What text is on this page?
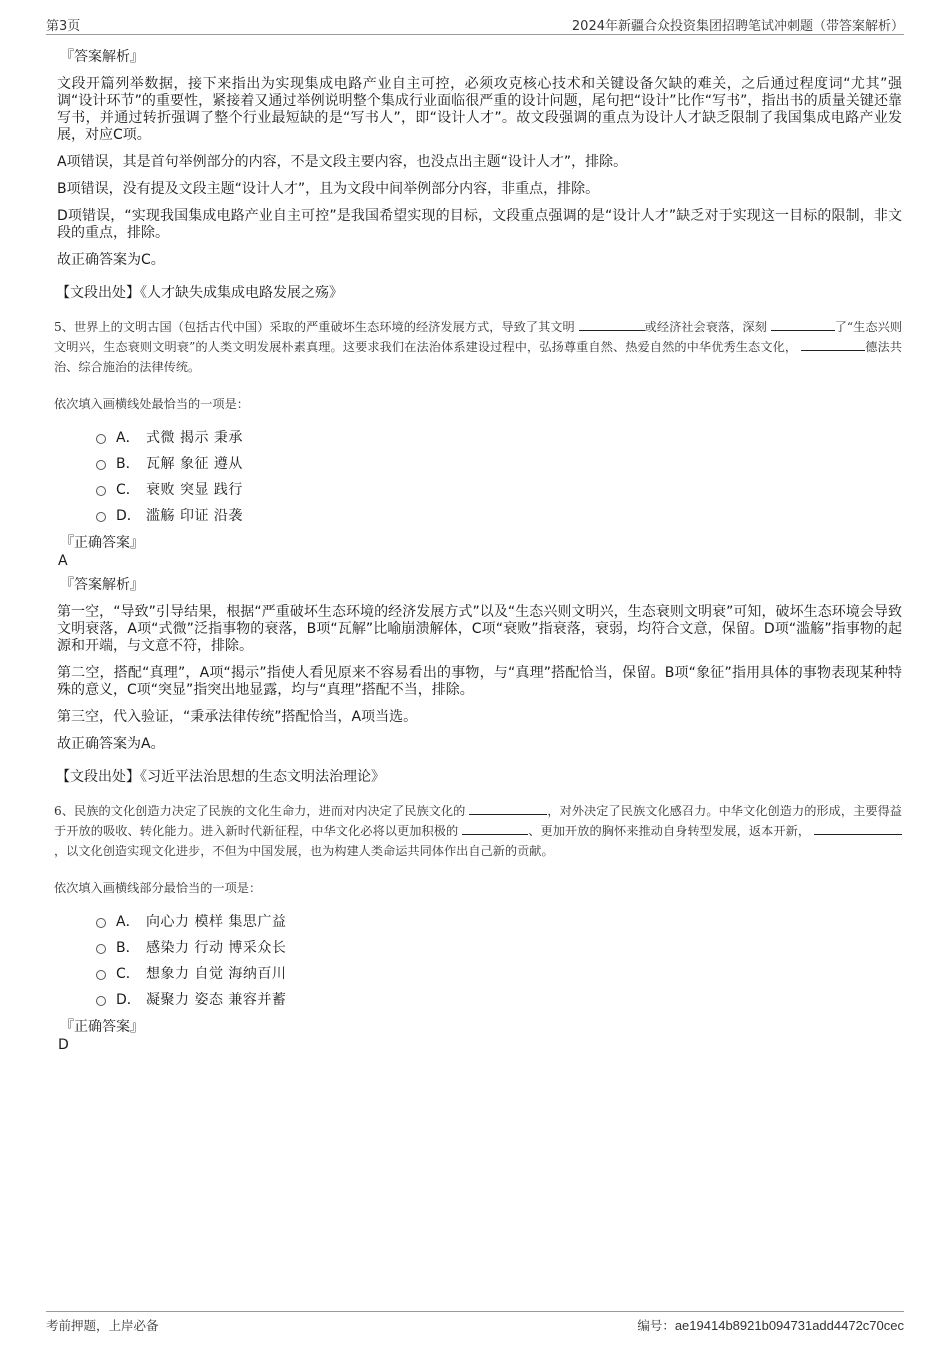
第3页	2024年新疆合众投资集团招聘笔试冲刺题（带答案解析）
『答案解析』

文段开篇列举数据，接下来指出为实现集成电路产业自主可控，必须攻克核心技术和关键设备欠缺的难关，之后通过程度词“尤其”强调“设计环节”的重要性，紧接着又通过举例说明整个集成行业面临很严重的设计问题，尾句把“设计”比作“写书”，指出书的质量关键还靠写书，并通过转折强调了整个行业最短缺的是“写书人”，即“设计人才”。故文段强调的重点为设计人才缺乏限制了我国集成电路产业发展，对应C项。

A项错误，其是首句举例部分的内容，不是文段主要内容，也没点出主题“设计人才”，排除。

B项错误，没有提及文段主题“设计人才”，且为文段中间举例部分内容，非重点，排除。

D项错误，“实现我国集成电路产业自主可控”是我国希望实现的目标，文段重点强调的是“设计人才”缺乏对于实现这一目标的限制，非文段的重点，排除。

故正确答案为C。

【文段出处】《人才缺失成集成电路发展之殇》
5、世界上的文明古国（包括古代中国）采取的严重破坏生态环境的经济发展方式，导致了其文明	或经济社会衰落，深刻	了“生态兴则文明兴，生态衰则文明衰”的人类文明发展朴素真理。这要求我们在法治体系建设过程中，弘扬尊重自然、热爱自然的中华优秀生态文化，	德法共治、综合施治的法律传统。
依次填入画横线处最恰当的一项是：
A． 式微 揭示 秉承
B． 瓦解 象征 遵从
C． 衰败 突显 践行
D． 滥觞 印证 沿袭
『正确答案』
A
『答案解析』

第一空，“导致”引导结果，根据“严重破坏生态环境的经济发展方式”以及“生态兴则文明兴，生态衰则文明衰”可知，破坏生态环境会导致文明衰落，A项“式微”泛指事物的衰落，B项“瓦解”比喻崩溃解体，C项“衰败”指衰落，衰弱，均符合文意，保留。D项“滥觞”指事物的起源和开端，与文意不符，排除。

第二空，搭配“真理”，A项“揭示”指使人看见原来不容易看出的事物，与“真理”搭配恰当，保留。B项“象征”指用具体的事物表现某种特殊的意义，C项“突显”指突出地显露，均与“真理”搭配不当，排除。

第三空，代入验证，“秉承法律传统”搭配恰当，A项当选。

故正确答案为A。

【文段出处】《习近平法治思想的生态文明法治理论》
6、民族的文化创造力决定了民族的文化生命力，进而对内决定了民族文化的	，对外决定了民族文化感召力。中华文化创造力的形成，主要得益于开放的吸收、转化能力。进入新时代新征程，中华文化必将以更加积极的	、更加开放的胸怀来推动自身转型发展，返本开新， ，以文化创造实现文化进步，不但为中国发展，也为构建人类命运共同体作出自己新的贡献。
依次填入画横线部分最恰当的一项是：
A． 向心力 模样 集思广益
B． 感染力 行动 博采众长
C． 想象力 自觉 海纳百川
D． 凝聚力 姿态 兼容并蓄
『正确答案』
D
考前押题，上岸必备	编号：ae19414b8921b094731add4472c70cec
